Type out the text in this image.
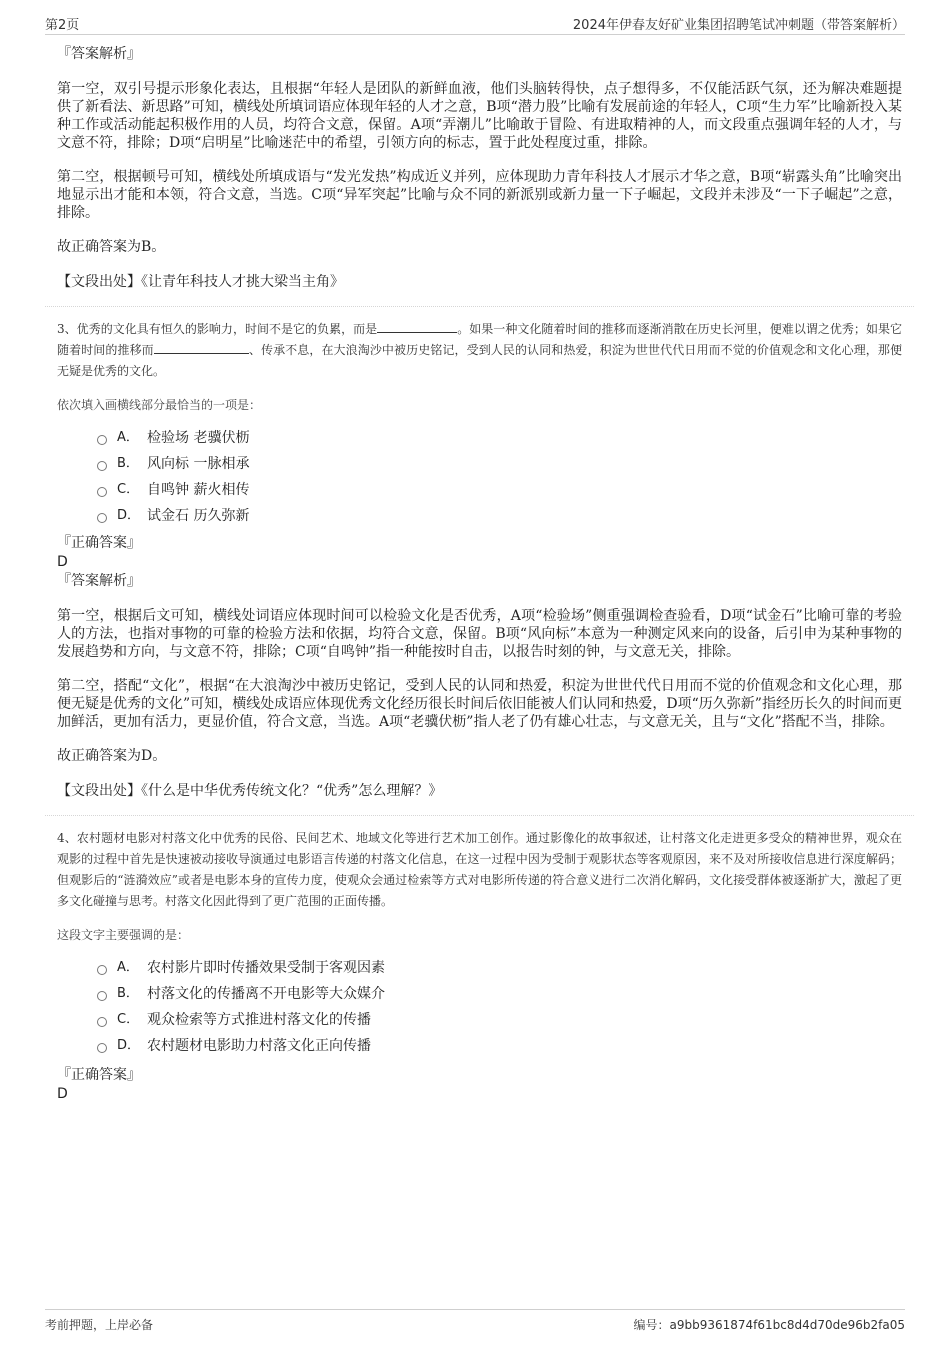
第2页	2024年伊春友好矿业集团招聘笔试冲刺题（带答案解析）

『答案解析』

第一空，双引号提示形象化表达，且根据“年轻人是团队的新鲜血液，他们头脑转得快，点子想得多，不仅能活跃气氛，还为解决难题提供了新看法、新思路”可知，横线处所填词语应体现年轻的人才之意，B项“潜力股”比喻有发展前途的年轻人，C项“生力军”比喻新投入某种工作或活动能起积极作用的人员，均符合文意，保留。A项“弄潮儿”比喻敢于冒险、有进取精神的人，而文段重点强调年轻的人才，与文意不符，排除；D项“启明星”比喻迷茫中的希望，引领方向的标志，置于此处程度过重，排除。

第二空，根据顿号可知，横线处所填成语与“发光发热”构成近义并列，应体现助力青年科技人才展示才华之意，B项“崭露头角”比喻突出地显示出才能和本领，符合文意，当选。C项“异军突起”比喻与众不同的新派别或新力量一下子崛起，文段并未涉及“一下子崛起”之意，排除。

故正确答案为B。

【文段出处】《让青年科技人才挑大梁当主角》

3、优秀的文化具有恒久的影响力，时间不是它的负累，而是	。如果一种文化随着时间的推移而逐渐消散在历史长河里，便难以谓之优秀；如果它随着时间的推移而	、传承不息，在大浪淘沙中被历史铭记，受到人民的认同和热爱，积淀为世世代代日用而不觉的价值观念和文化心理，那便无疑是优秀的文化。

依次填入画横线部分最恰当的一项是：

A． 检验场 老骥伏枥
B． 风向标 一脉相承
C． 自鸣钟 薪火相传
D． 试金石 历久弥新

『正确答案』

D

『答案解析』

第一空，根据后文可知，横线处词语应体现时间可以检验文化是否优秀，A项“检验场”侧重强调检查验看，D项“试金石”比喻可靠的考验人的方法，也指对事物的可靠的检验方法和依据，均符合文意，保留。B项“风向标”本意为一种测定风来向的设备，后引申为某种事物的发展趋势和方向，与文意不符，排除；C项“自鸣钟”指一种能按时自击，以报告时刻的钟，与文意无关，排除。

第二空，搭配“文化”，根据“在大浪淘沙中被历史铭记，受到人民的认同和热爱，积淀为世世代代日用而不觉的价值观念和文化心理，那便无疑是优秀的文化”可知，横线处成语应体现优秀文化经历很长时间后依旧能被人们认同和热爱，D项“历久弥新”指经历长久的时间而更加鲜活，更加有活力，更显价值，符合文意，当选。A项“老骥伏枥”指人老了仍有雄心壮志，与文意无关，且与“文化”搭配不当，排除。

故正确答案为D。

【文段出处】《什么是中华优秀传统文化？“优秀”怎么理解？》

4、农村题材电影对村落文化中优秀的民俗、民间艺术、地域文化等进行艺术加工创作。通过影像化的故事叙述，让村落文化走进更多受众的精神世界，观众在观影的过程中首先是快速被动接收导演通过电影语言传递的村落文化信息，在这一过程中因为受制于观影状态等客观原因，来不及对所接收信息进行深度解码；但观影后的“涟漪效应”或者是电影本身的宣传力度，使观众会通过检索等方式对电影所传递的符合意义进行二次消化解码，文化接受群体被逐渐扩大，激起了更多文化碰撞与思考。村落文化因此得到了更广范围的正面传播。

这段文字主要强调的是：

A． 农村影片即时传播效果受制于客观因素
B． 村落文化的传播离不开电影等大众媒介
C． 观众检索等方式推进村落文化的传播
D． 农村题材电影助力村落文化正向传播

『正确答案』

D

考前押题，上岸必备	编号：a9bb9361874f61bc8d4d70de96b2fa05
